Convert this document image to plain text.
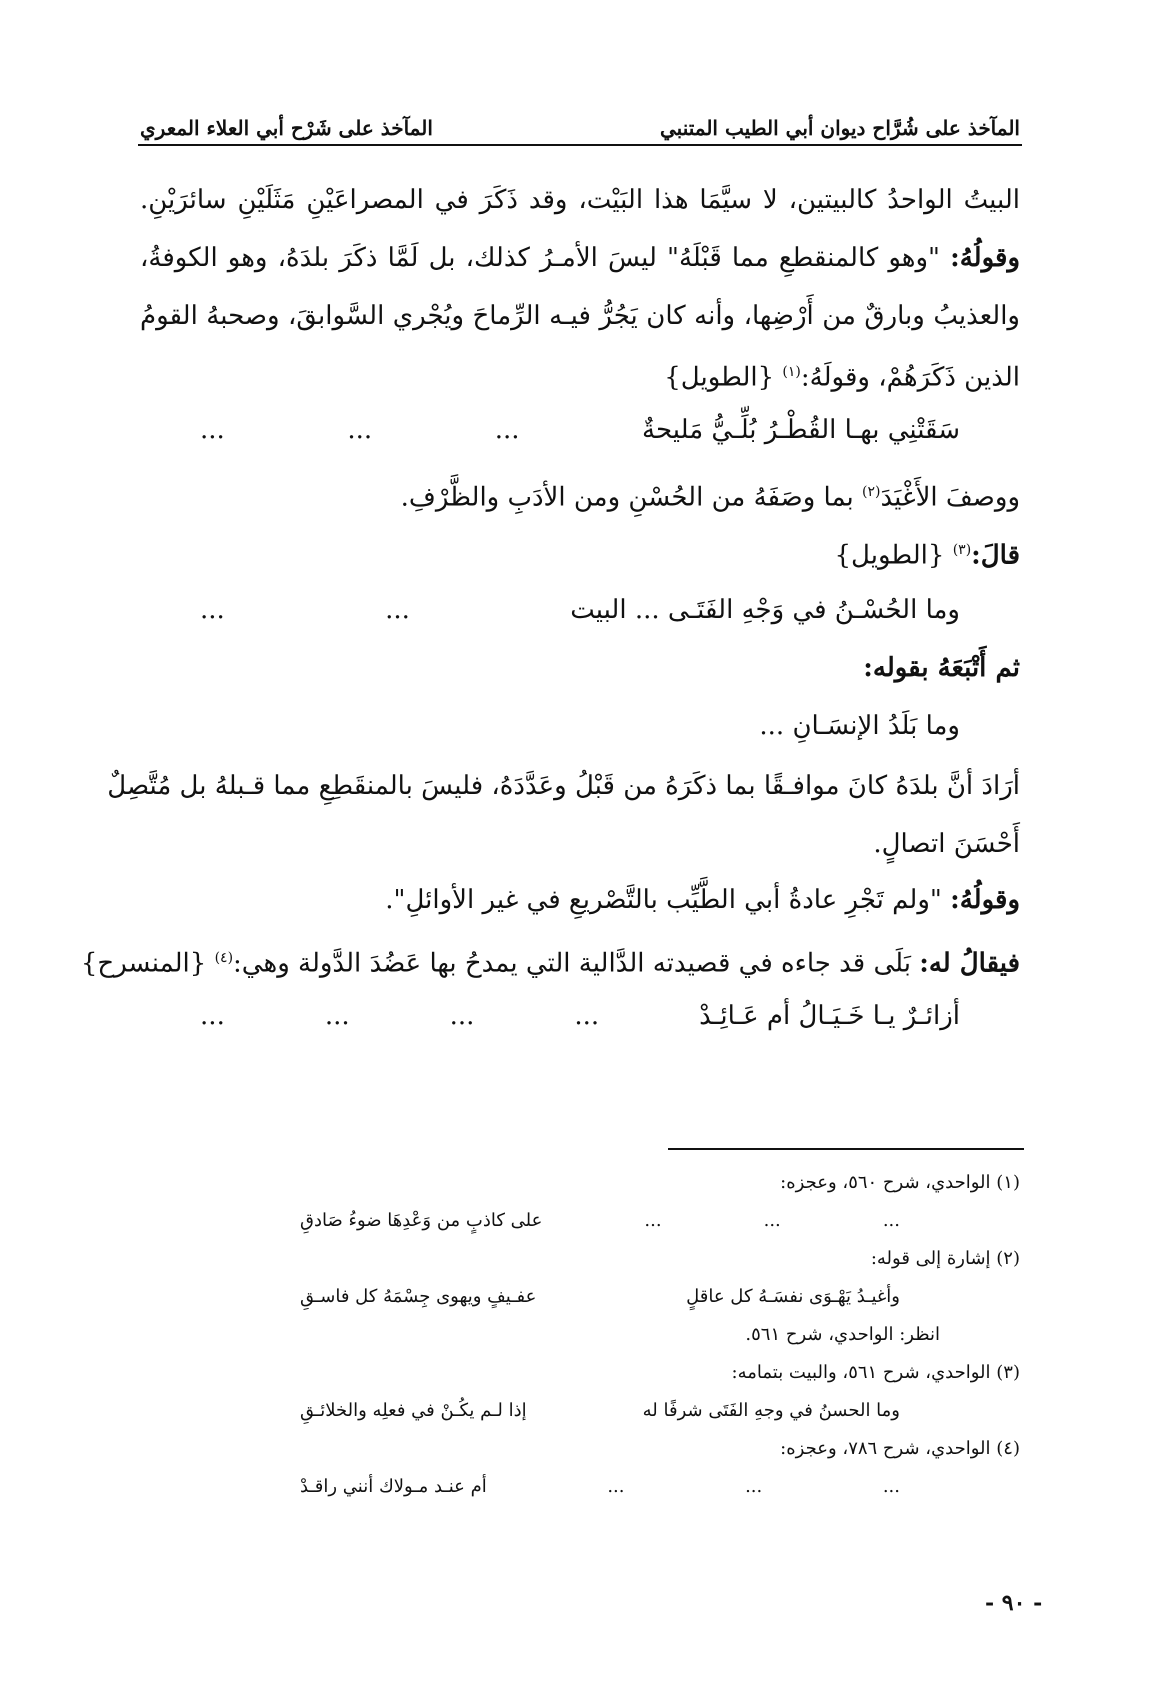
المآخذ على شُرَّاح ديوان أبي الطيب المتنبي
المآخذ على شَرْح أبي العلاء المعري
البيتُ الواحدُ كالبيتين، لا سيَّمَا هذا البَيْت، وقد ذَكَرَ في المصراعَيْنِ مَثَلَيْنِ سائرَيْنِ.
وقولُهُ: "وهو كالمنقطعِ مما قَبْلَهُ" ليسَ الأمـرُ كذلك، بل لَمَّا ذكَرَ بلدَهُ، وهو الكوفةُ،
والعذيبُ وبارقٌ من أَرْضِها، وأنه كان يَجُرُّ فيـه الرِّماحَ ويُجْري السَّوابقَ، وصحبهُ القومُ
الذين ذَكَرَهُمْ، وقولَهُ:$^{(١)}$ {الطويل}
سَقَتْنِي بهـا القُطْـرُ بُلِّـيُّ مَليحةٌ
...
...
...
ووصفَ الأَغْيَدَ$^{(٢)}$ بما وصَفَهُ من الحُسْنِ ومن الأدَبِ والظَّرْفِ.
قالَ:$^{(٣)}$ {الطويل}
وما الحُسْـنُ في وَجْهِ الفَتَـى ... البيت
...
...
ثم أَتْبَعَهُ بقوله:
وما بَلَدُ الإنسَـانِ ...
أرَادَ أنَّ بلدَهُ كانَ موافـقًا بما ذكَرَهُ من قَبْلُ وعَدَّدَهُ، فليسَ بالمنقَطِعِ مما قـبلهُ بل مُتَّصِلٌ
أَحْسَنَ اتصالٍ.
وقولُهُ: "ولم تَجْرِ عادةُ أبي الطَّيِّب بالتَّصْريعِ في غير الأوائلِ".
فيقالُ له: بَلَى قد جاءه في قصيدته الدَّالية التي يمدحُ بها عَضُدَ الدَّولة وهي:$^{(٤)}$ {المنسرح}
أزائـرٌ يـا خَـيَـالُ أم عَـائِـدْ
...
...
...
...
(١) الواحدي، شرح ٥٦٠، وعجزه:
...
...
...
على كاذبٍ من وَعْدِهَا ضوءُ صَادقِ
(٢) إشارة إلى قوله:
وأغيـدُ يَهْـوَى نفسَـهُ كل عاقلٍ
عفـيفٍ ويهوى جِسْمَهُ كل فاسـقِ
انظر: الواحدي، شرح ٥٦١.
(٣) الواحدي، شرح ٥٦١، والبيت بتمامه:
وما الحسنُ في وجهِ الفَتَى شرفًا له
إذا لـم يكُـنْ في فعلِه والخلائـقِ
(٤) الواحدي، شرح ٧٨٦، وعجزه:
...
...
...
أم عنـد مـولاك أنني راقـدْ
- ٩٠ -
